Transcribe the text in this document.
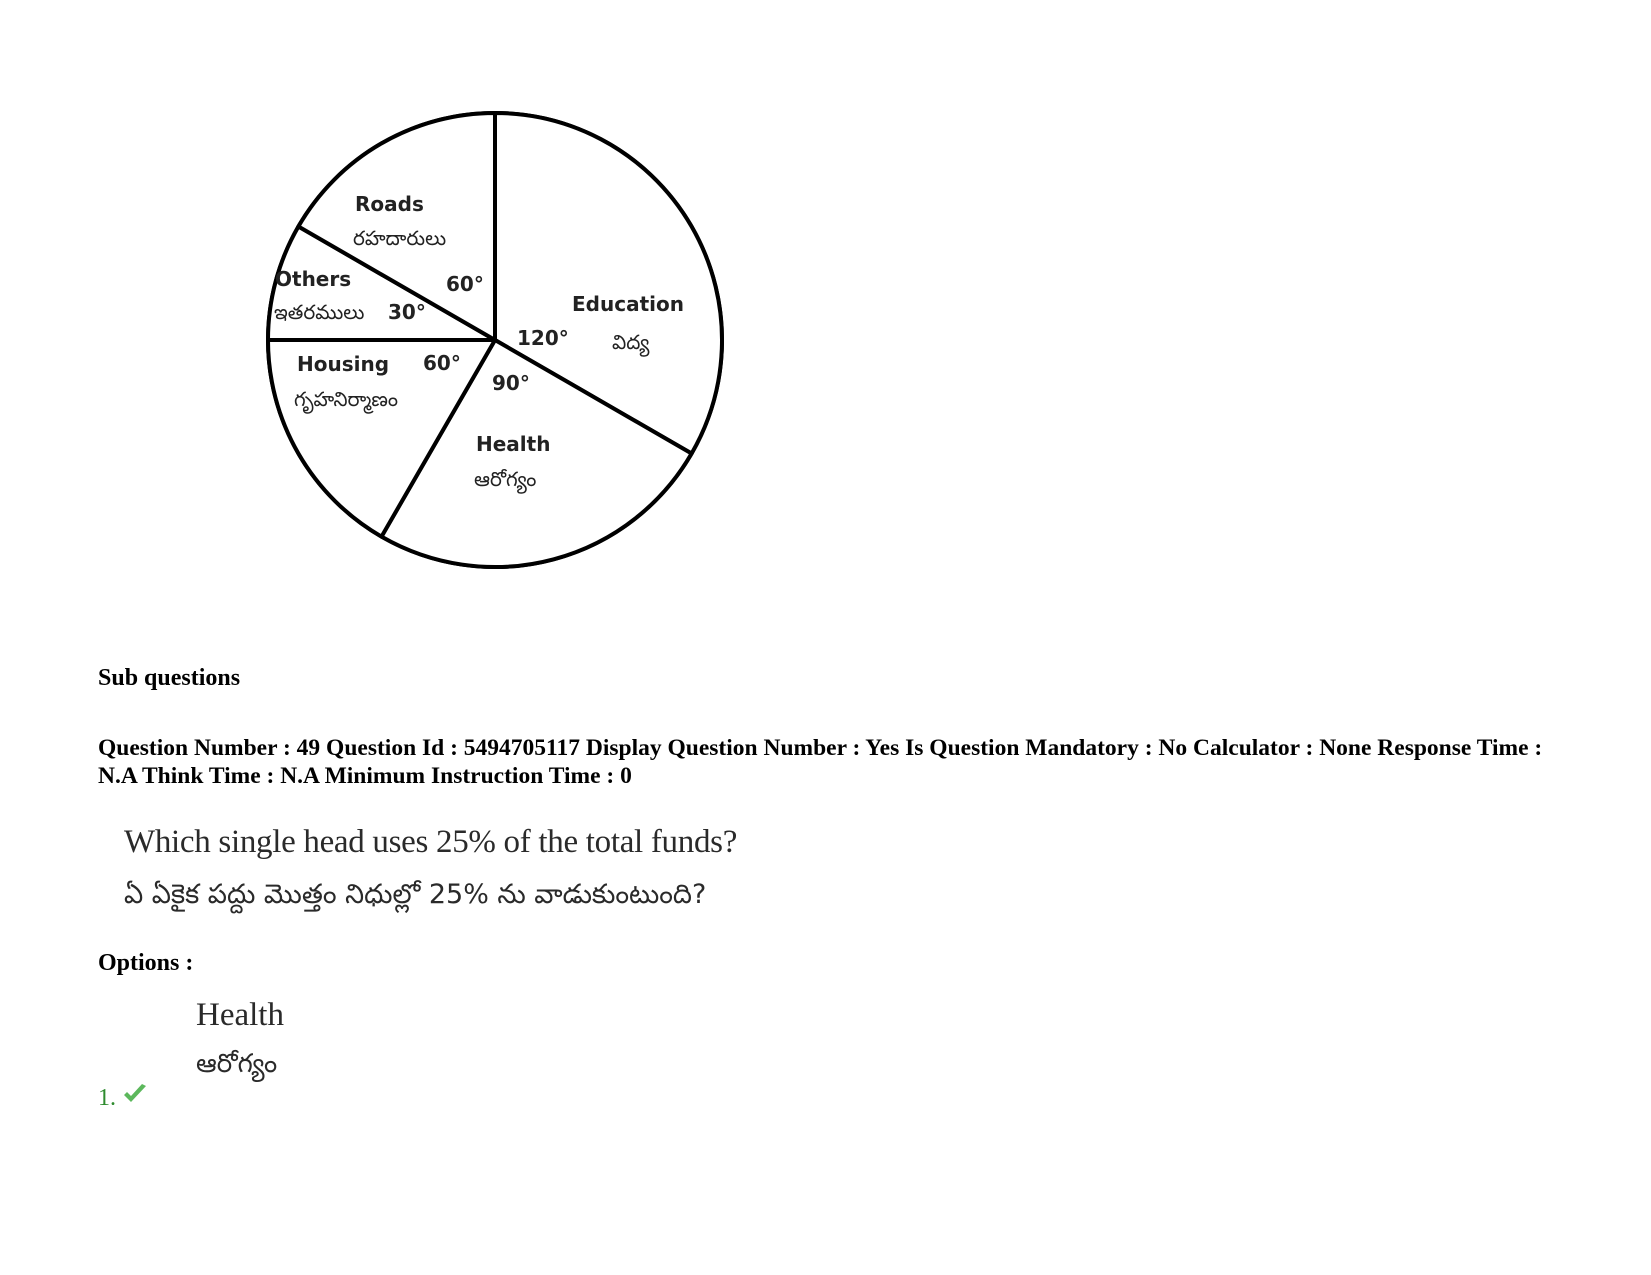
Roads
రహదారులు
60°
Others
ఇతరములు 30°	Education
విద్య
120°
Housing
గృహనిర్మాణం
60°
Health
ఆరోగ్యం
90°
Sub questions
Question Number : 49 Question Id : 5494705117 Display Question Number : Yes Is Question Mandatory : No Calculator : None Response Time : N.A Think Time : N.A Minimum Instruction Time : 0
Which single head uses 25% of the total funds?
ఏ ఏకైక పద్దు మొత్తం నిధుల్లో 25% ను వాడుకుంటుంది?
Options :
1.
Health
ఆరోగ్యం
